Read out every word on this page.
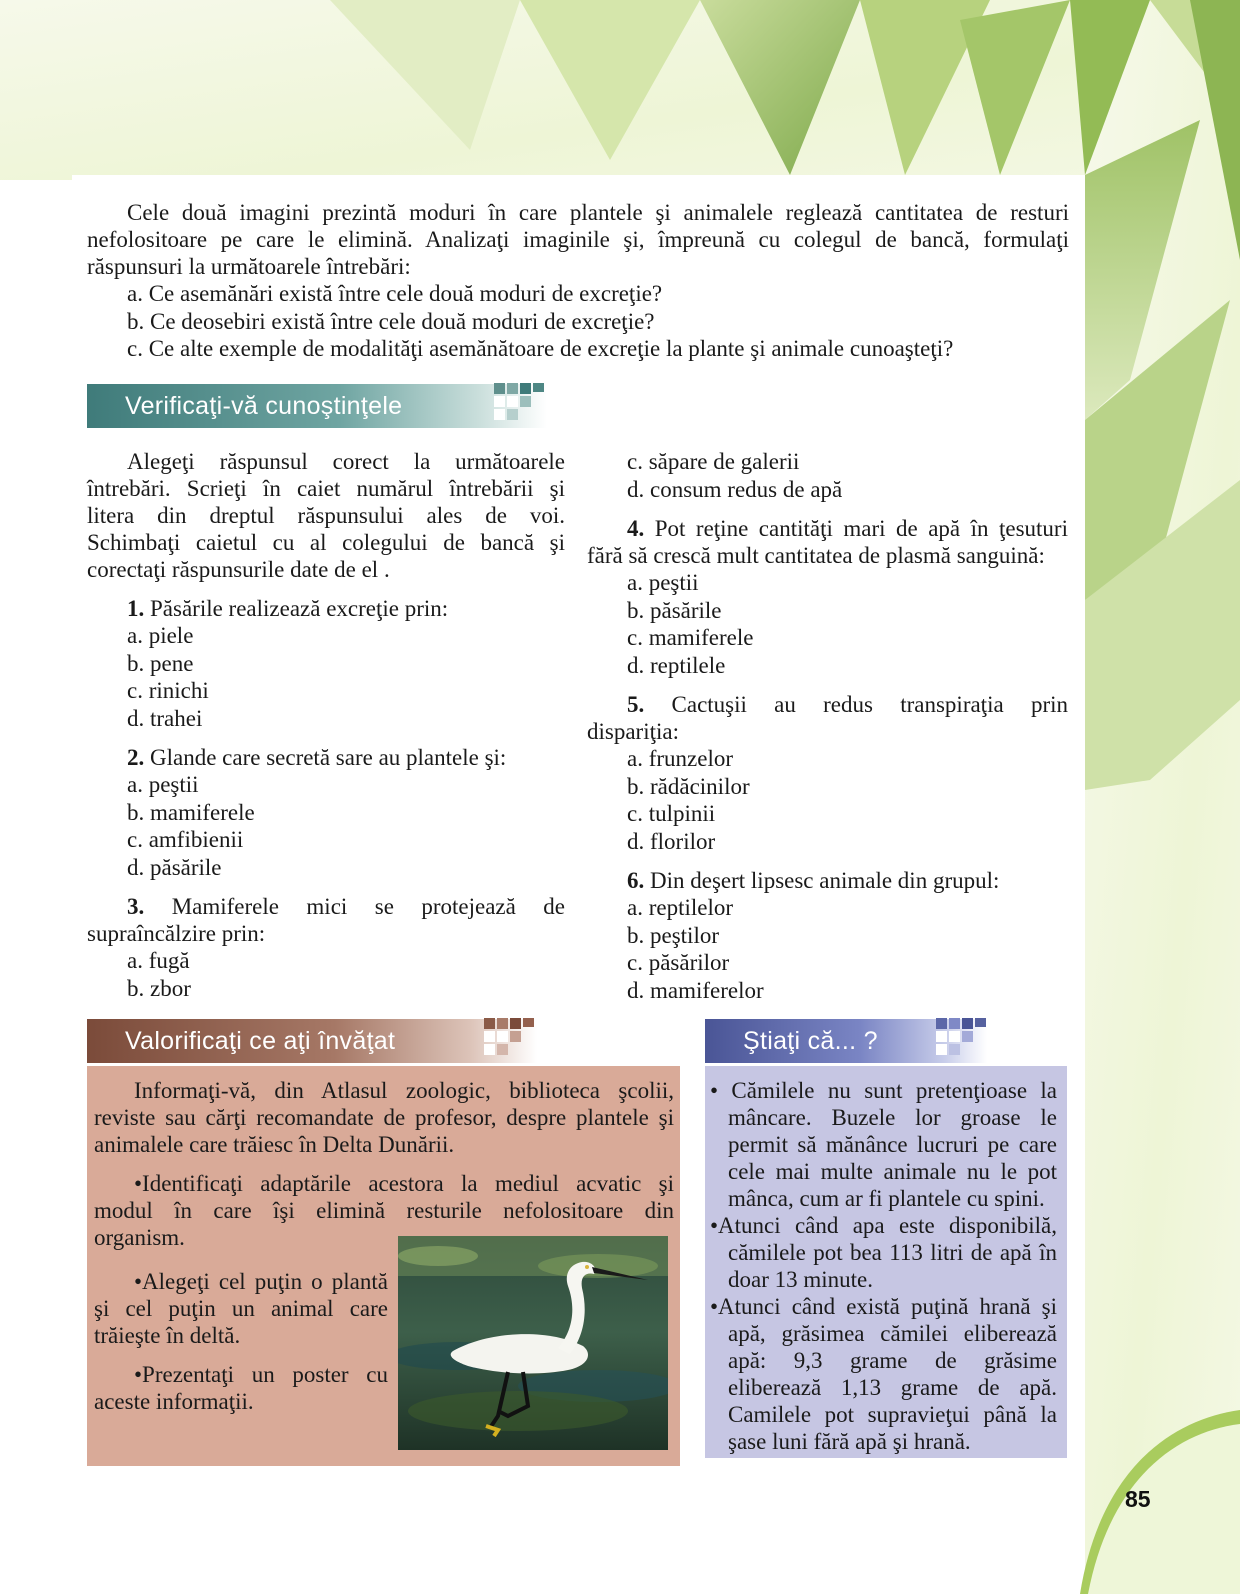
Cele două imagini prezintă moduri în care plantele şi animalele reglează cantitatea de resturi
nefolositoare pe care le elimină. Analizaţi imaginile şi, împreună cu colegul de bancă, formulaţi
răspunsuri la următoarele întrebări:
a. Ce asemănări există între cele două moduri de excreţie?
b. Ce deosebiri există între cele două moduri de excreţie?
c. Ce alte exemple de modalităţi asemănătoare de excreţie la plante şi animale cunoaşteţi?
Verificaţi-vă cunoştinţele
Alegeţi răspunsul corect la următoarele
întrebări. Scrieţi în caiet numărul întrebării şi
litera din dreptul răspunsului ales de voi.
Schimbaţi caietul cu al colegului de bancă şi
corectaţi răspunsurile date de el .
1. Păsările realizează excreţie prin:
a. piele
b. pene
c. rinichi
d. trahei
2. Glande care secretă sare au plantele şi:
a. peştii
b. mamiferele
c. amfibienii
d. păsările
3. Mamiferele mici se protejează de
supraîncălzire prin:
a. fugă
b. zbor
c. săpare de galerii
d. consum redus de apă
4. Pot reţine cantităţi mari de apă în ţesuturi
fără să crescă mult cantitatea de plasmă sanguină:
a. peştii
b. păsările
c. mamiferele
d. reptilele
5. Cactuşii au redus transpiraţia prin
dispariţia:
a. frunzelor
b. rădăcinilor
c. tulpinii
d. florilor
6. Din deşert lipsesc animale din grupul:
a. reptilelor
b. peştilor
c. păsărilor
d. mamiferelor
Valorificaţi ce aţi învăţat	Ştiaţi că... ?
Informaţi-vă, din Atlasul zoologic, biblioteca şcolii,
reviste sau cărţi recomandate de profesor, despre plantele şi
animalele care trăiesc în Delta Dunării.
•Identificaţi adaptările acestora la mediul acvatic şi
modul în care îşi elimină resturile nefolositoare din
organism.
•Alegeţi cel puţin o plantă
şi cel puţin un animal care
trăieşte în deltă.
•Prezentaţi un poster cu
aceste informaţii.
• Cămilele nu sunt pretenţioase la
mâncare. Buzele lor groase le
permit să mănânce lucruri pe care
cele mai multe animale nu le pot
mânca, cum ar fi plantele cu spini.
•Atunci când apa este disponibilă,
cămilele pot bea 113 litri de apă în
doar 13 minute.
•Atunci când există puţină hrană şi
apă, grăsimea cămilei eliberează
apă: 9,3 grame de grăsime
eliberează 1,13 grame de apă.
Camilele pot supravieţui până la
şase luni fără apă şi hrană.
85
